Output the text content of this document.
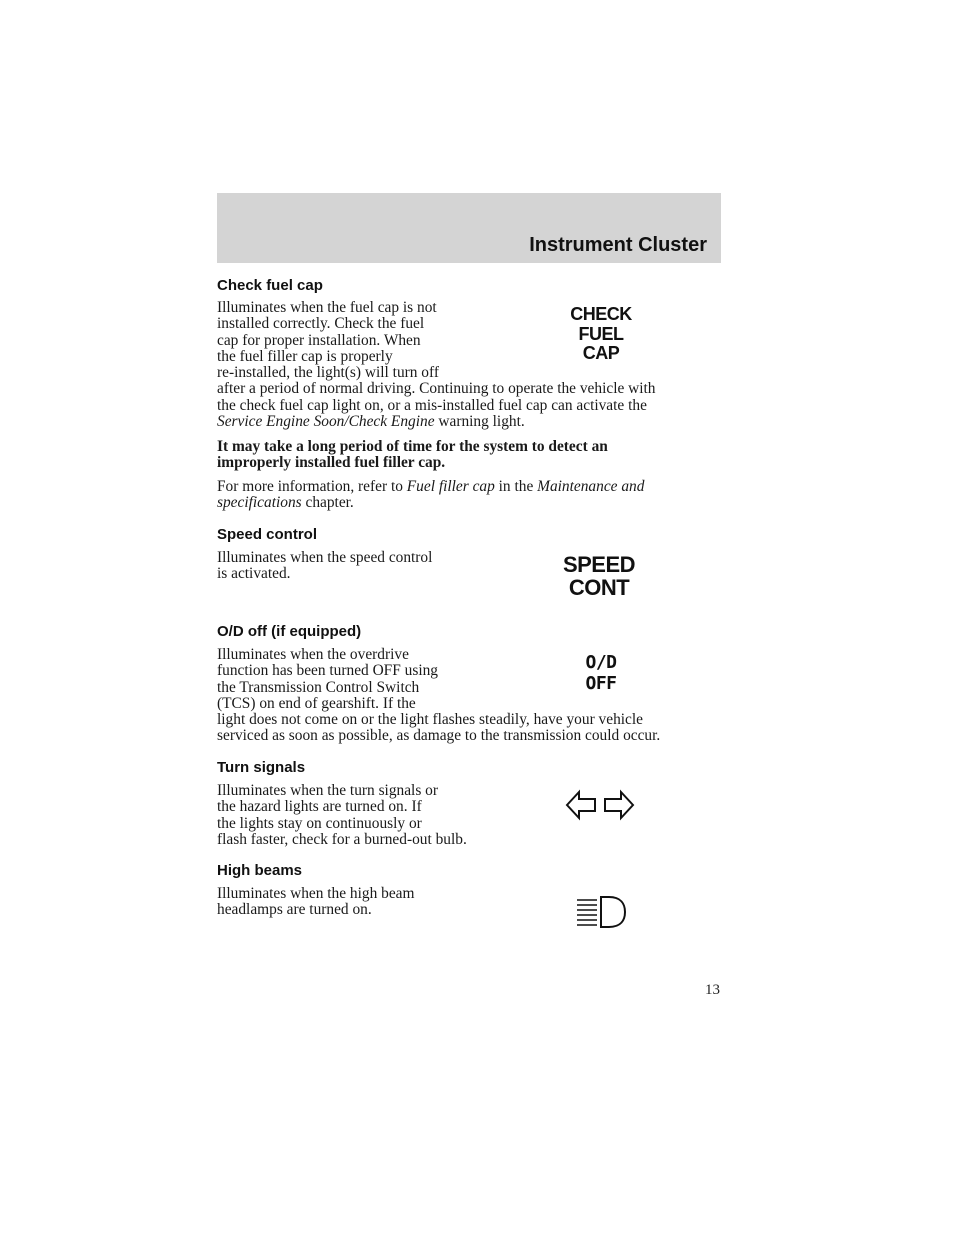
Instrument Cluster
Check fuel cap

Illuminates when the fuel cap is not
installed correctly. Check the fuel
cap for proper installation. When
the fuel filler cap is properly
re-installed, the light(s) will turn off
after a period of normal driving. Continuing to operate the vehicle with
the check fuel cap light on, or a mis-installed fuel cap can activate the
Service Engine Soon/Check Engine warning light.

CHECK
FUEL
CAP

It may take a long period of time for the system to detect an
improperly installed fuel filler cap.

For more information, refer to Fuel filler cap in the Maintenance and
specifications chapter.

Speed control

Illuminates when the speed control
is activated.	SPEED
CONT
O/D off (if equipped)

Illuminates when the overdrive
function has been turned OFF using
the Transmission Control Switch
(TCS) on end of gearshift. If the
light does not come on or the light flashes steadily, have your vehicle
serviced as soon as possible, as damage to the transmission could occur.

O/D
OFF
Turn signals

Illuminates when the turn signals or
the hazard lights are turned on. If
the lights stay on continuously or
flash faster, check for a burned-out bulb.

High beams

Illuminates when the high beam
headlamps are turned on.

13
